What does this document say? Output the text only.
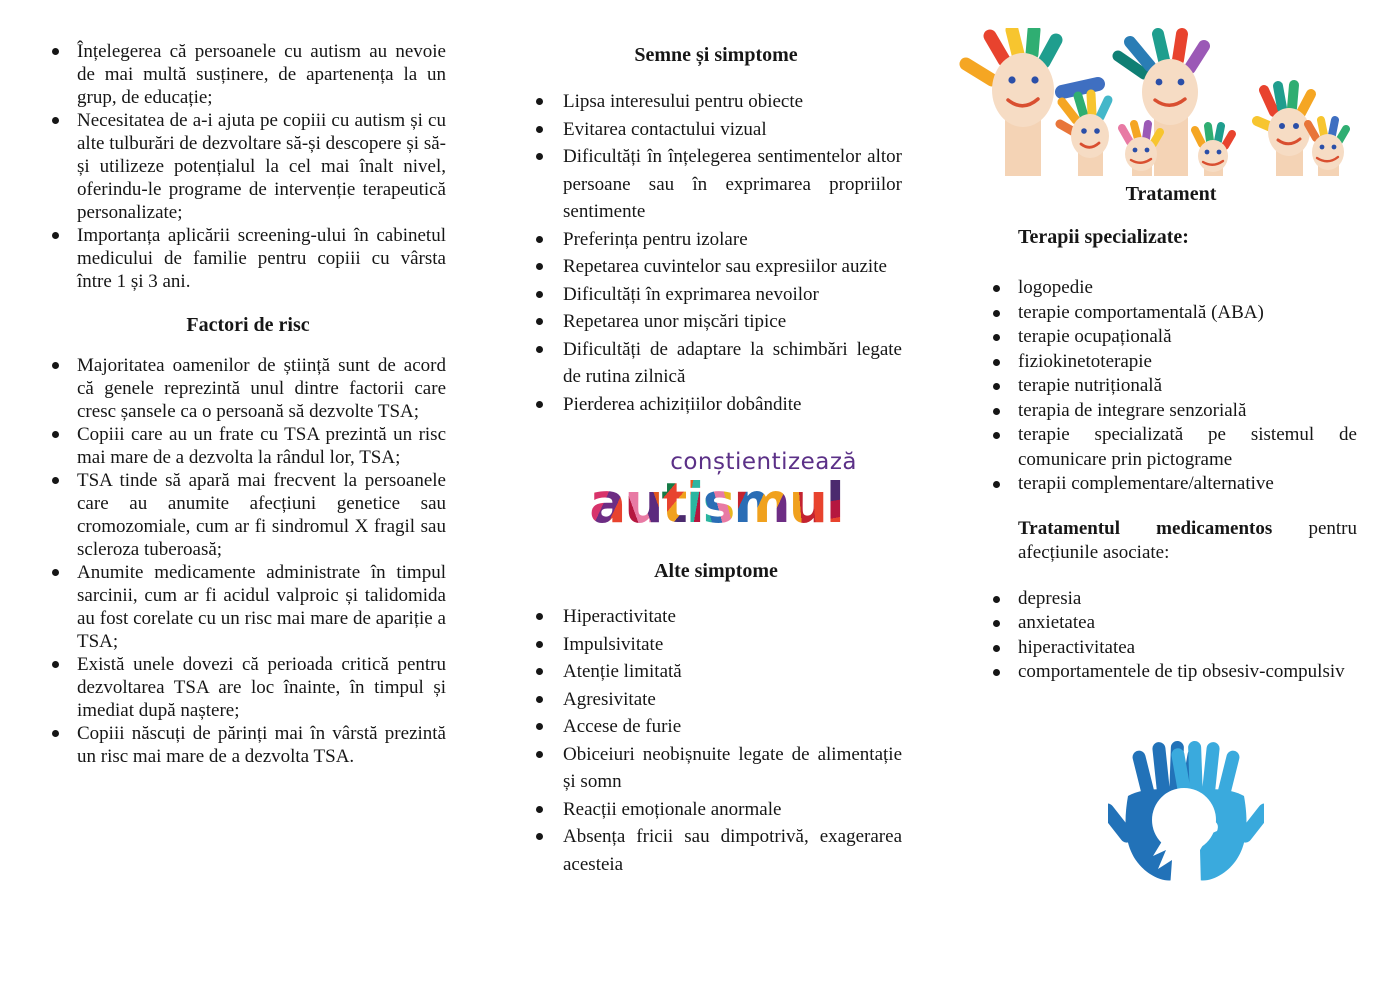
Înțelegerea că persoanele cu autism au nevoie de mai multă susținere, de apartenența la un grup, de educație;
Necesitatea de a-i ajuta pe copiii cu autism și cu alte tulburări de dezvoltare să-și descopere și să-și utilizeze potențialul la cel mai înalt nivel, oferindu-le programe de intervenție terapeutică personalizate;
Importanța aplicării screening-ului în cabinetul medicului de familie pentru copiii cu vârsta între 1 și 3 ani.
Factori de risc
Majoritatea oamenilor de știință sunt de acord că genele reprezintă unul dintre factorii care cresc șansele ca o persoană să dezvolte TSA;
Copiii care au un frate cu TSA prezintă un risc mai mare de a dezvolta la rândul lor, TSA;
TSA tinde să apară mai frecvent la persoanele care au anumite afecțiuni genetice sau cromozomiale, cum ar fi sindromul X fragil sau scleroza tuberoasă;
Anumite medicamente administrate în timpul sarcinii, cum ar fi acidul valproic și talidomida au fost corelate cu un risc mai mare de apariție a TSA;
Există unele dovezi că perioada critică pentru dezvoltarea TSA are loc înainte, în timpul și imediat după naștere;
Copiii născuți de părinți mai în vârstă prezintă un risc mai mare de a dezvolta TSA.
Semne și simptome
Lipsa interesului pentru obiecte
Evitarea contactului vizual
Dificultăți în înțelegerea sentimentelor altor persoane sau în exprimarea propriilor sentimente
Preferința pentru izolare
Repetarea cuvintelor sau expresiilor auzite
Dificultăți în exprimarea nevoilor
Repetarea unor mișcări tipice
Dificultăți de adaptare la schimbări legate de rutina zilnică
Pierderea achizițiilor dobândite
conștientizează
autismul
Alte simptome
Hiperactivitate
Impulsivitate
Atenție limitată
Agresivitate
Accese de furie
Obiceiuri neobișnuite legate de alimentație și somn
Reacții emoționale anormale
Absența fricii sau dimpotrivă, exagerarea acesteia
Tratament
Terapii specializate:
logopedie
terapie comportamentală (ABA)
terapie ocupațională
fiziokinetoterapie
terapie nutrițională
terapia de integrare senzorială
terapie specializată pe sistemul de comunicare prin pictograme
terapii complementare/alternative

Tratamentul medicamentos pentru afecțiunile asociate:

depresia
anxietatea
hiperactivitatea
comportamentele de tip obsesiv-compulsiv
